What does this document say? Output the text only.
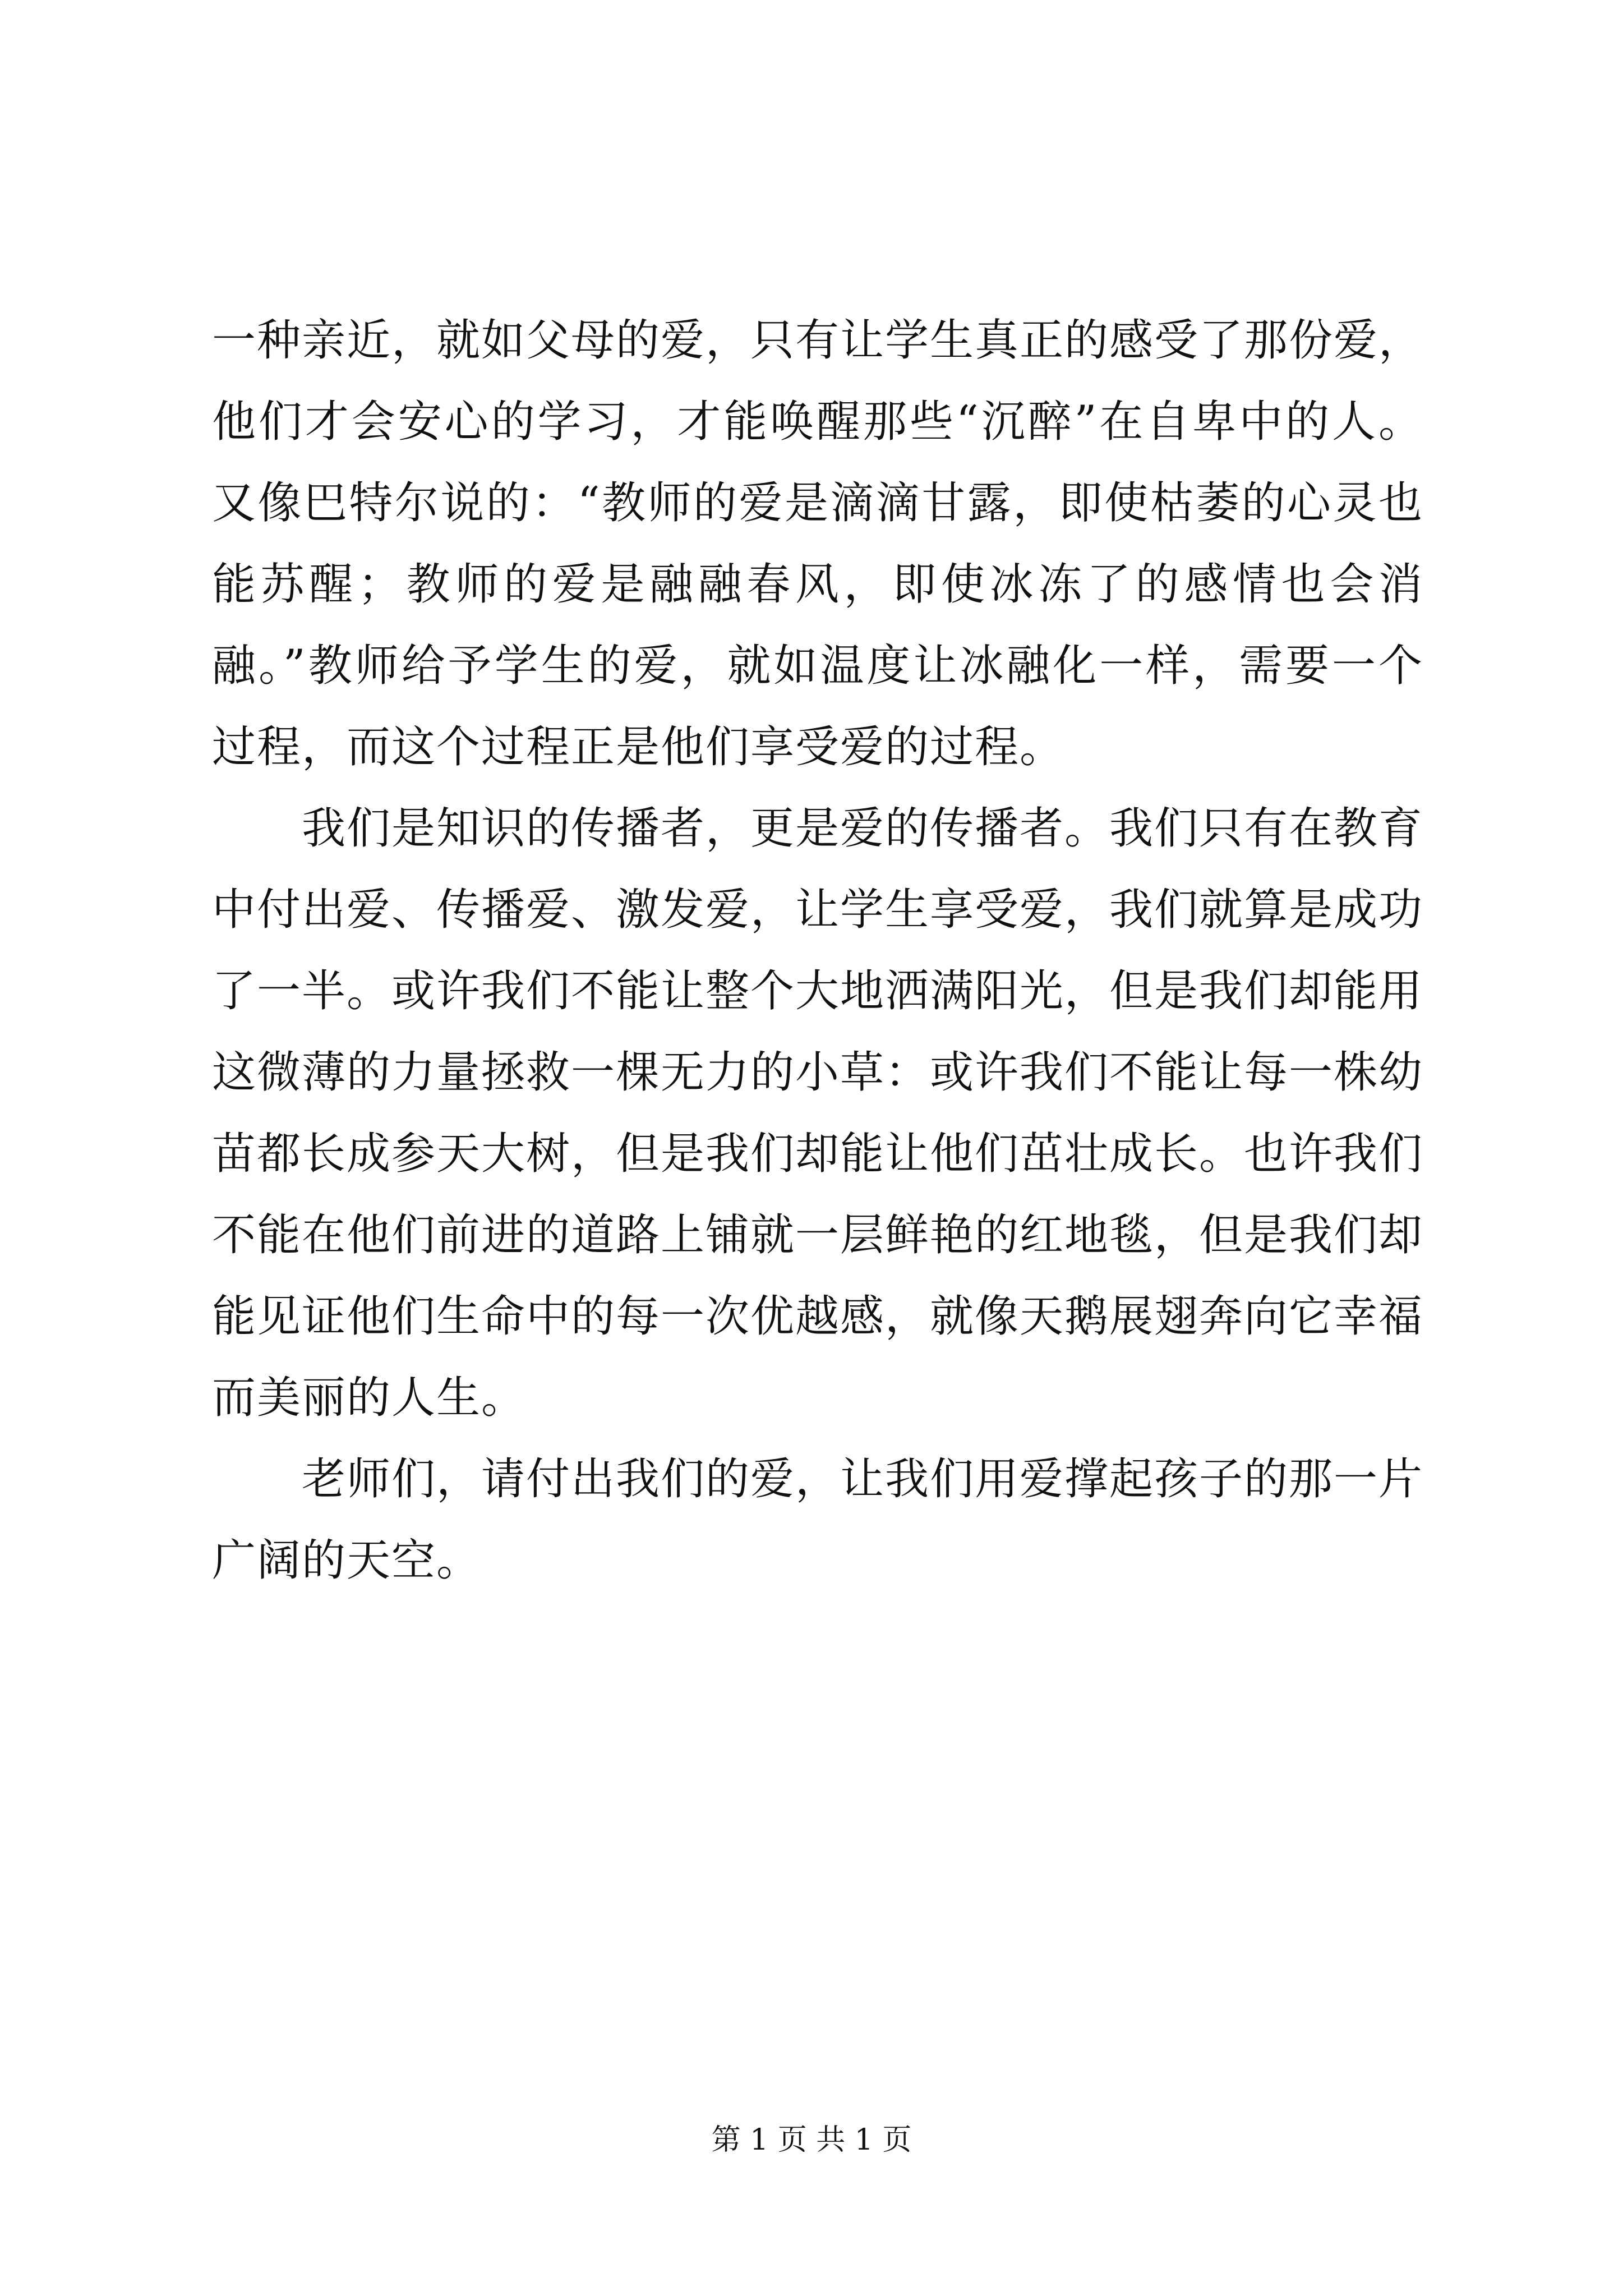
一种亲近，就如父母的爱，只有让学生真正的感受了那份爱，他们才会安心的学习，才能唤醒那些“沉醉”在自卑中的人。又像巴特尔说的：“教师的爱是滴滴甘露，即使枯萎的心灵也能苏醒；教师的爱是融融春风，即使冰冻了的感情也会消融。”教师给予学生的爱，就如温度让冰融化一样，需要一个过程，而这个过程正是他们享受爱的过程。

我们是知识的传播者，更是爱的传播者。我们只有在教育中付出爱、传播爱、激发爱，让学生享受爱，我们就算是成功了一半。或许我们不能让整个大地洒满阳光，但是我们却能用这微薄的力量拯救一棵无力的小草：或许我们不能让每一株幼苗都长成参天大树，但是我们却能让他们茁壮成长。也许我们不能在他们前进的道路上铺就一层鲜艳的红地毯，但是我们却能见证他们生命中的每一次优越感，就像天鹅展翅奔向它幸福而美丽的人生。

老师们，请付出我们的爱，让我们用爱撑起孩子的那一片广阔的天空。

第 1 页 共 1 页
